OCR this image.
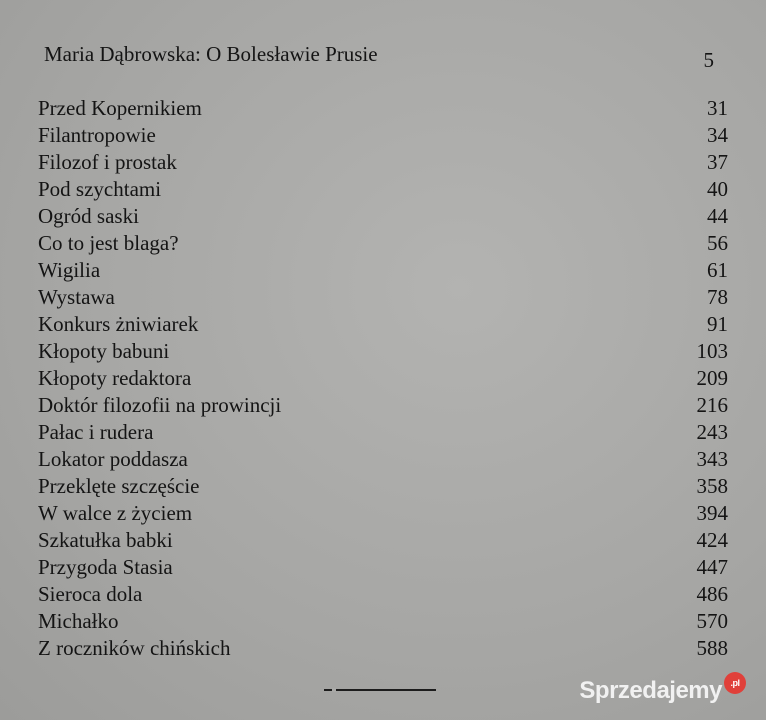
Maria Dąbrowska: O Bolesławie Prusie	5
Przed Kopernikiem	31
Filantropowie	34
Filozof i prostak	37
Pod szychtami	40
Ogród saski	44
Co to jest blaga?	56
Wigilia	61
Wystawa	78
Konkurs żniwiarek	91
Kłopoty babuni	103
Kłopoty redaktora	209
Doktór filozofii na prowincji	216
Pałac i rudera	243
Lokator poddasza	343
Przeklęte szczęście	358
W walce z życiem	394
Szkatułka babki	424
Przygoda Stasia	447
Sieroca dola	486
Michałko	570
Z roczników chińskich	588
Sprzedajemy .pl
